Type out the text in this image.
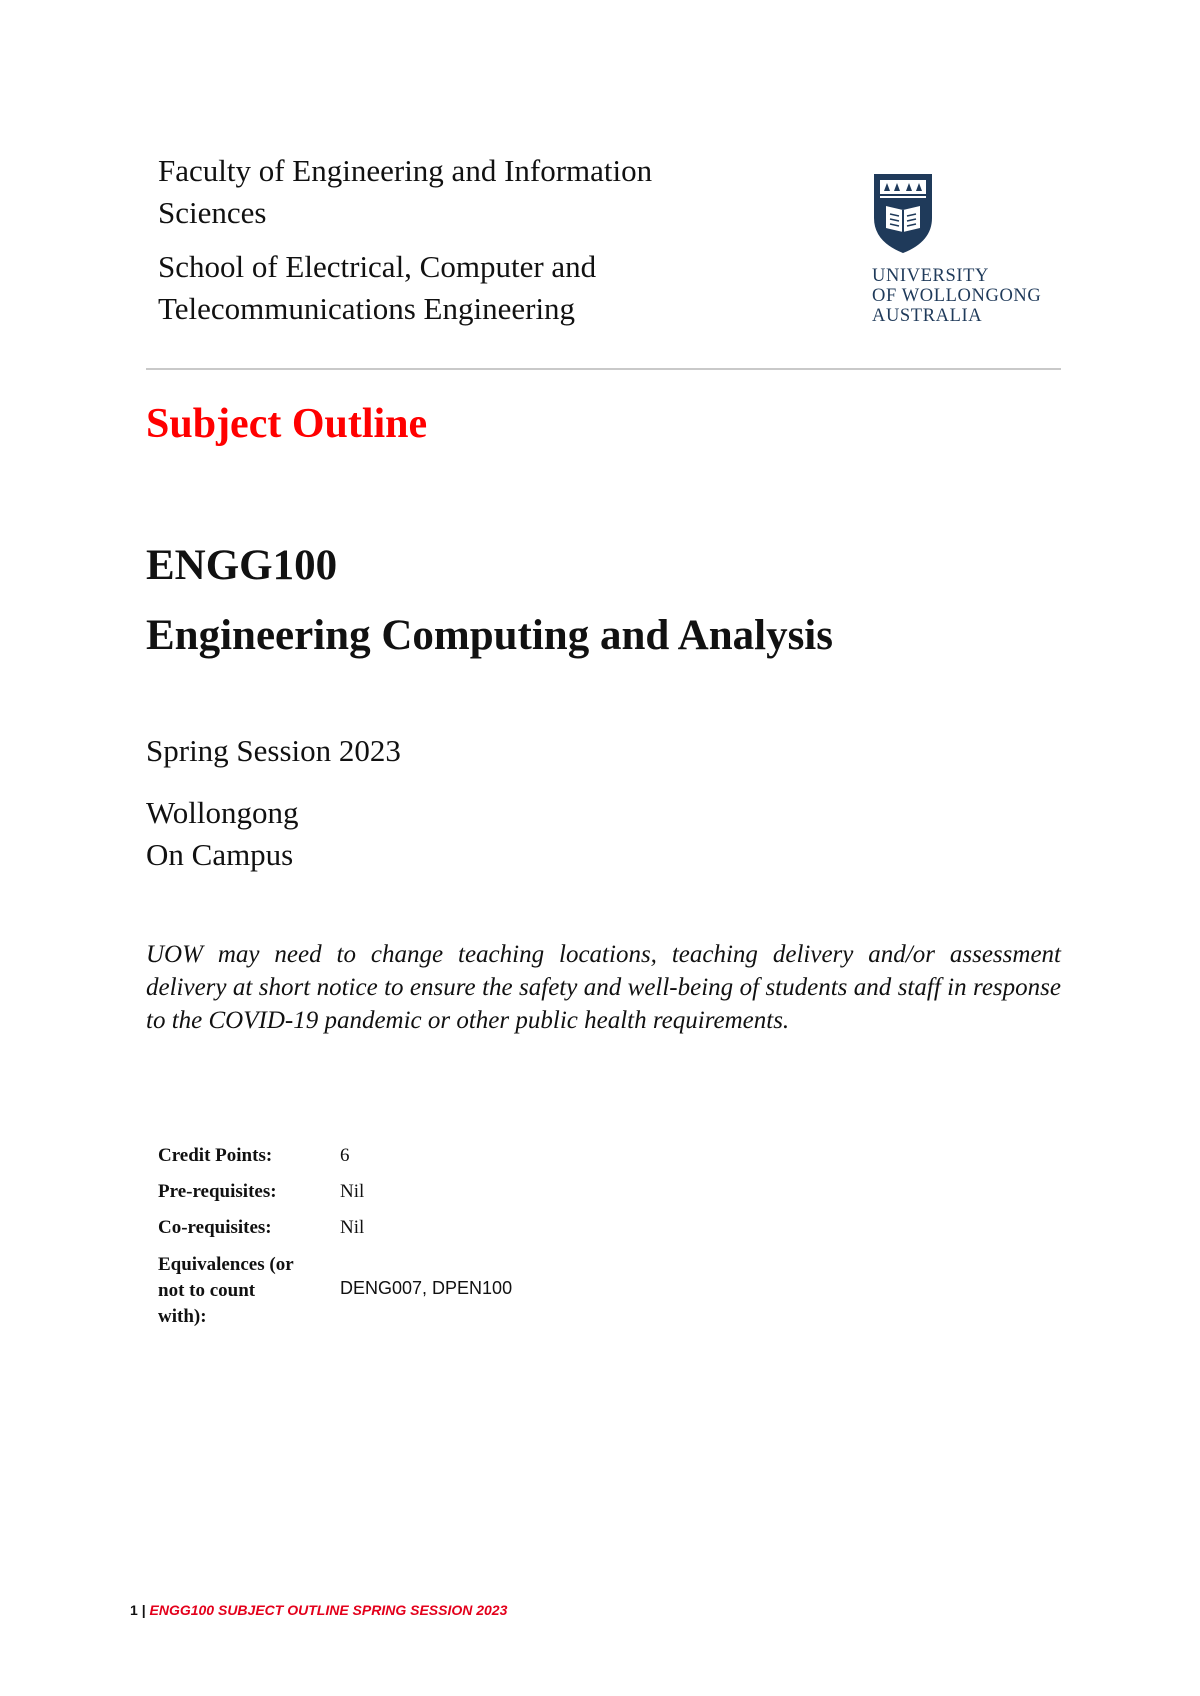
Faculty of Engineering and Information
Sciences

School of Electrical, Computer and
Telecommunications Engineering

UNIVERSITY
OF WOLLONGONG
AUSTRALIA
Subject Outline
ENGG100
Engineering Computing and Analysis
Spring Session 2023
Wollongong
On Campus

UOW may need to change teaching locations, teaching delivery and/or assessment delivery at short notice to ensure the safety and well-being of students and staff in response to the COVID-19 pandemic or other public health requirements.

Credit Points:	6
Pre-requisites:	Nil
Co-requisites:	Nil
Equivalences (or
not to count
with):	DENG007, DPEN100
1 | ENGG100 SUBJECT OUTLINE SPRING SESSION 2023
